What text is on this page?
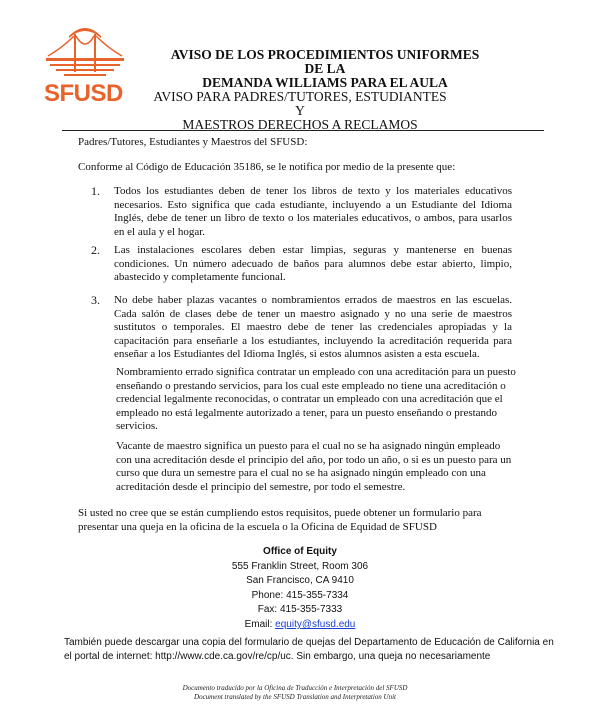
SFUSD
AVISO DE LOS PROCEDIMIENTOS UNIFORMES DE LA
DEMANDA WILLIAMS PARA EL AULA
AVISO PARA PADRES/TUTORES, ESTUDIANTES Y
MAESTROS DERECHOS A RECLAMOS
Padres/Tutores, Estudiantes y Maestros del SFUSD:
Conforme al Código de Educación 35186, se le notifica por medio de la presente que:
1. Todos los estudiantes deben de tener los libros de texto y los materiales educativos necesarios. Esto significa que cada estudiante, incluyendo a un Estudiante del Idioma Inglés, debe de tener un libro de texto o los materiales educativos, o ambos, para usarlos en el aula y el hogar.
2. Las instalaciones escolares deben estar limpias, seguras y mantenerse en buenas condiciones. Un número adecuado de baños para alumnos debe estar abierto, limpio, abastecido y completamente funcional.
3. No debe haber plazas vacantes o nombramientos errados de maestros en las escuelas. Cada salón de clases debe de tener un maestro asignado y no una serie de maestros sustitutos o temporales. El maestro debe de tener las credenciales apropiadas y la capacitación para enseñarle a los estudiantes, incluyendo la acreditación requerida para enseñar a los Estudiantes del Idioma Inglés, si estos alumnos asisten a esta escuela.
Nombramiento errado significa contratar un empleado con una acreditación para un puesto enseñando o prestando servicios, para los cual este empleado no tiene una acreditación o credencial legalmente reconocidas, o contratar un empleado con una acreditación que el empleado no está legalmente autorizado a tener, para un puesto enseñando o prestando servicios.
Vacante de maestro significa un puesto para el cual no se ha asignado ningún empleado con una acreditación desde el principio del año, por todo un año, o si es un puesto para un curso que dura un semestre para el cual no se ha asignado ningún empleado con una acreditación desde el principio del semestre, por todo el semestre.
Si usted no cree que se están cumpliendo estos requisitos, puede obtener un formulario para presentar una queja en la oficina de la escuela o la Oficina de Equidad de SFUSD
Office of Equity
555 Franklin Street, Room 306
San Francisco, CA 9410
Phone: 415-355-7334
Fax: 415-355-7333
Email: equity@sfusd.edu
También puede descargar una copia del formulario de quejas del Departamento de Educación de California en el portal de internet: http://www.cde.ca.gov/re/cp/uc. Sin embargo, una queja no necesariamente
Documento traducido por la Oficina de Traducción e Interpretación del SFUSD
Document translated by the SFUSD Translation and Interpretation Unit
